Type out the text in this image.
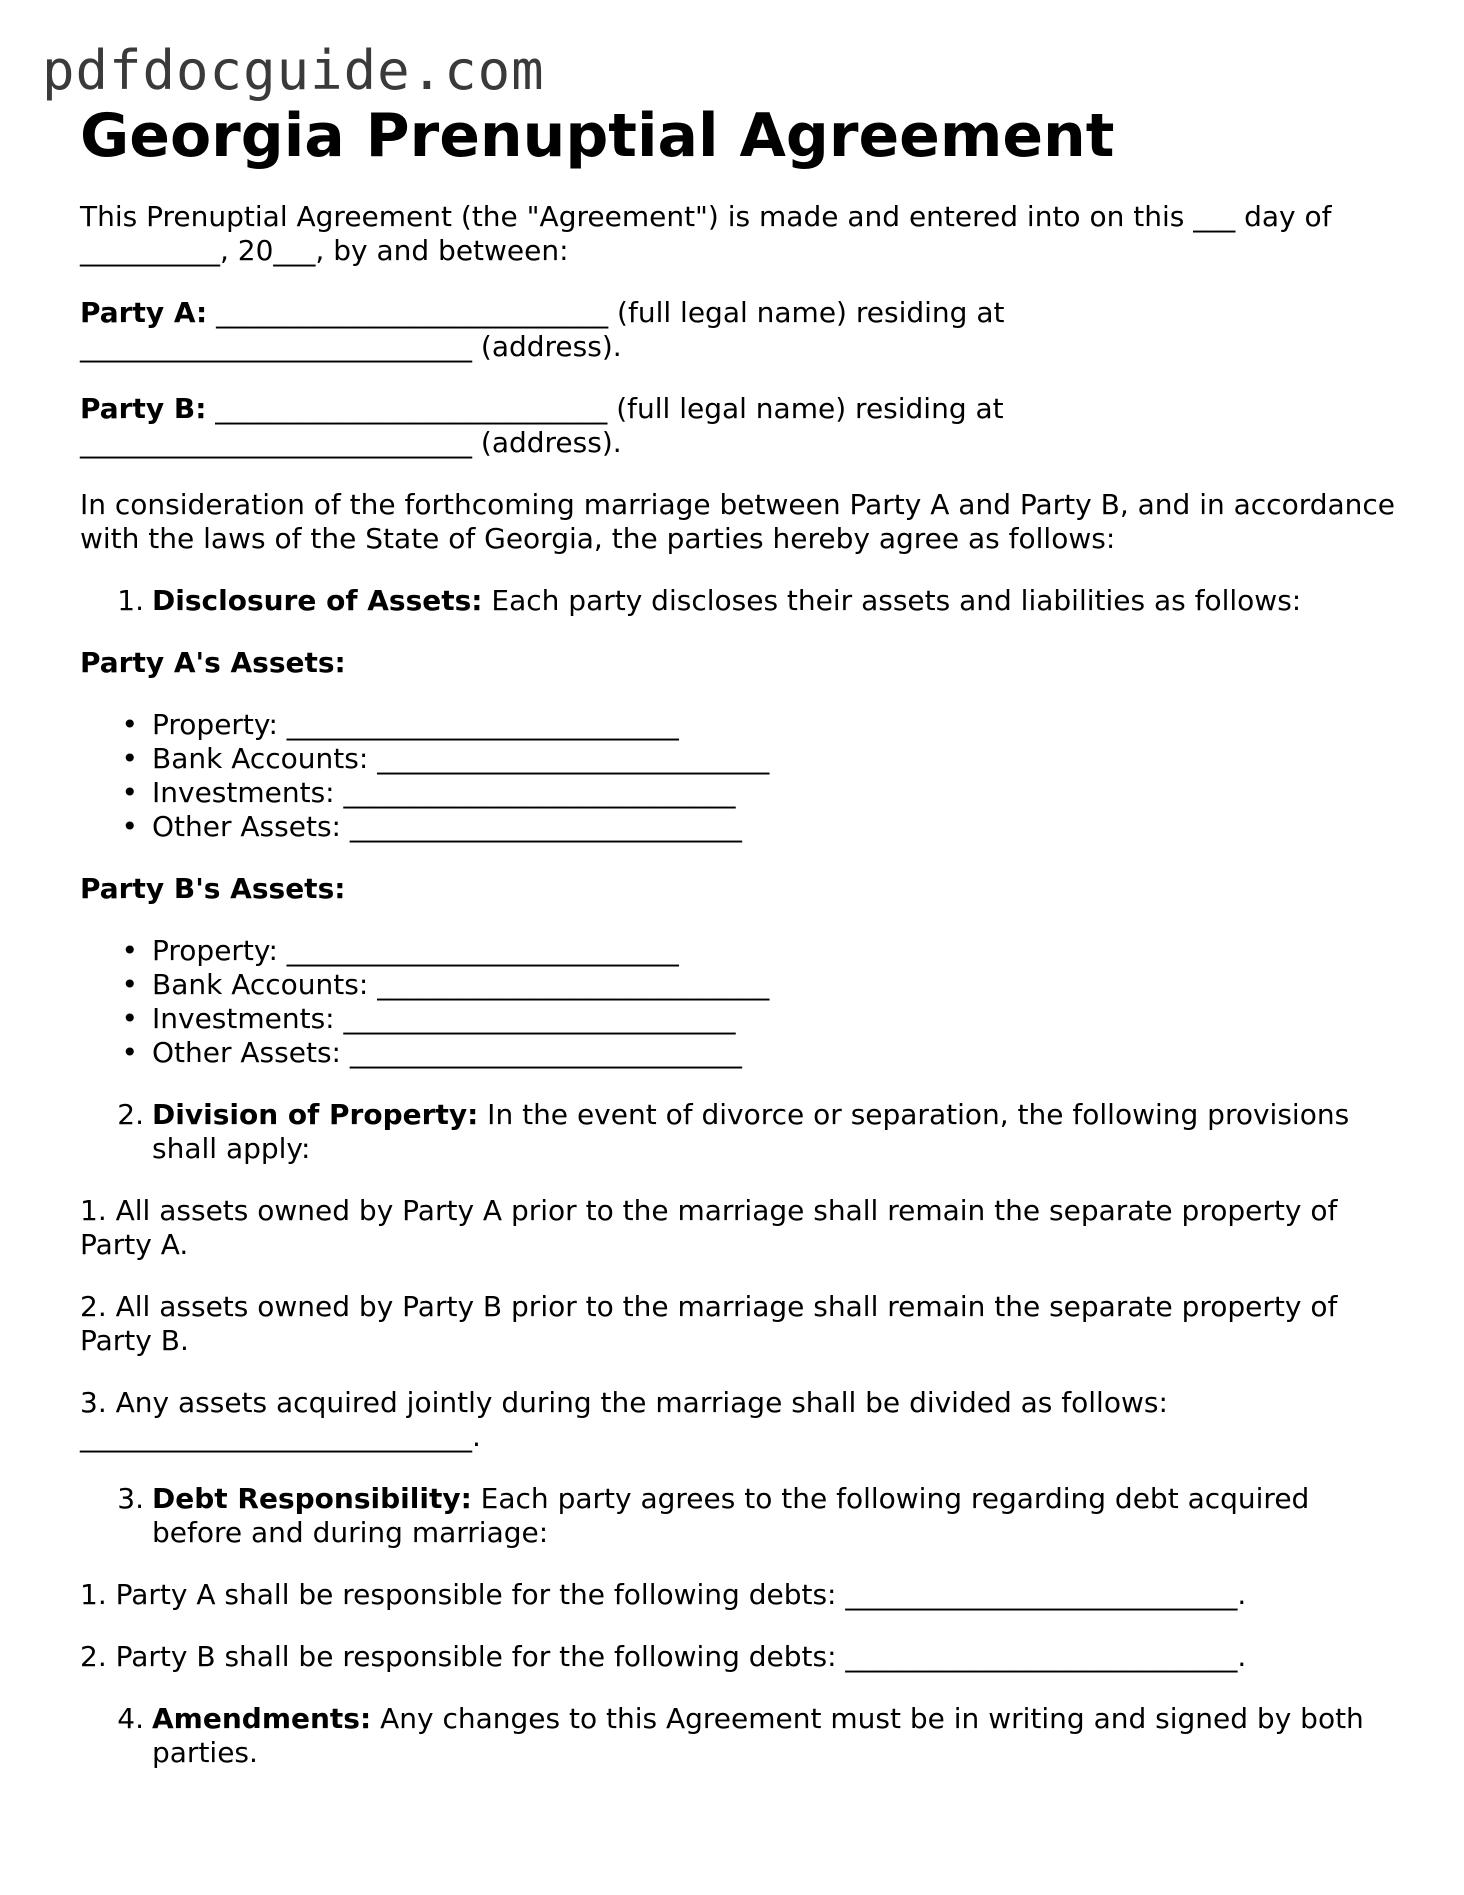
pdfdocguide.com
Georgia Prenuptial Agreement

This Prenuptial Agreement (the "Agreement") is made and entered into on this ___ day of __________, 20___, by and between:

Party A: ____________________________ (full legal name) residing at ____________________________ (address).

Party B: ____________________________ (full legal name) residing at ____________________________ (address).

In consideration of the forthcoming marriage between Party A and Party B, and in accordance with the laws of the State of Georgia, the parties hereby agree as follows:

1. Disclosure of Assets: Each party discloses their assets and liabilities as follows:

Party A's Assets:

• Property: ____________________________
• Bank Accounts: ____________________________
• Investments: ____________________________
• Other Assets: ____________________________

Party B's Assets:

• Property: ____________________________
• Bank Accounts: ____________________________
• Investments: ____________________________
• Other Assets: ____________________________
2. Division of Property: In the event of divorce or separation, the following provisions shall apply:

1. All assets owned by Party A prior to the marriage shall remain the separate property of Party A.

2. All assets owned by Party B prior to the marriage shall remain the separate property of Party B.

3. Any assets acquired jointly during the marriage shall be divided as follows: ____________________________.

3. Debt Responsibility: Each party agrees to the following regarding debt acquired before and during marriage:

1. Party A shall be responsible for the following debts: ____________________________.

2. Party B shall be responsible for the following debts: ____________________________.

4. Amendments: Any changes to this Agreement must be in writing and signed by both parties.
